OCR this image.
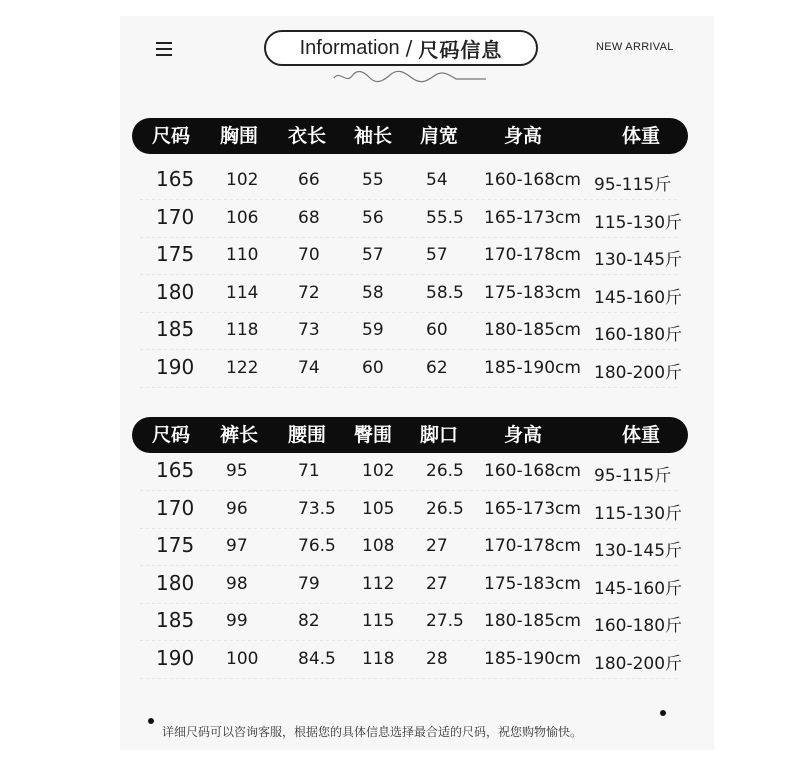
Information / 尺码信息	NEW ARRIVAL
ecanter
尺码 胸围 衣长 袖长 肩宽 身高	体重
165 102 66 55 54 160-168cm 95-115斤
170 106 68 56 55.5 165-173cm 115-130斤
175 110 70 57 57 170-178cm 130-145斤
180 114 72 58 58.5 175-183cm 145-160斤
185 118 73 59 60 180-185cm 160-180斤
190 122 74 60 62 185-190cm 180-200斤
尺码 裤长 腰围 臀围 脚口 身高	体重
165 95	71 102 26.5 160-168cm 95-115斤
170 96	73.5 105 26.5 165-173cm 115-130斤
175 97	76.5 108 27 170-178cm 130-145斤
180 98	79 112 27 175-183cm 145-160斤
185 99	82 115 27.5 180-185cm 160-180斤
190 100 84.5 118 28 185-190cm 180-200斤
详细尺码可以咨询客服，根据您的具体信息选择最合适的尺码，祝您购物愉快。
